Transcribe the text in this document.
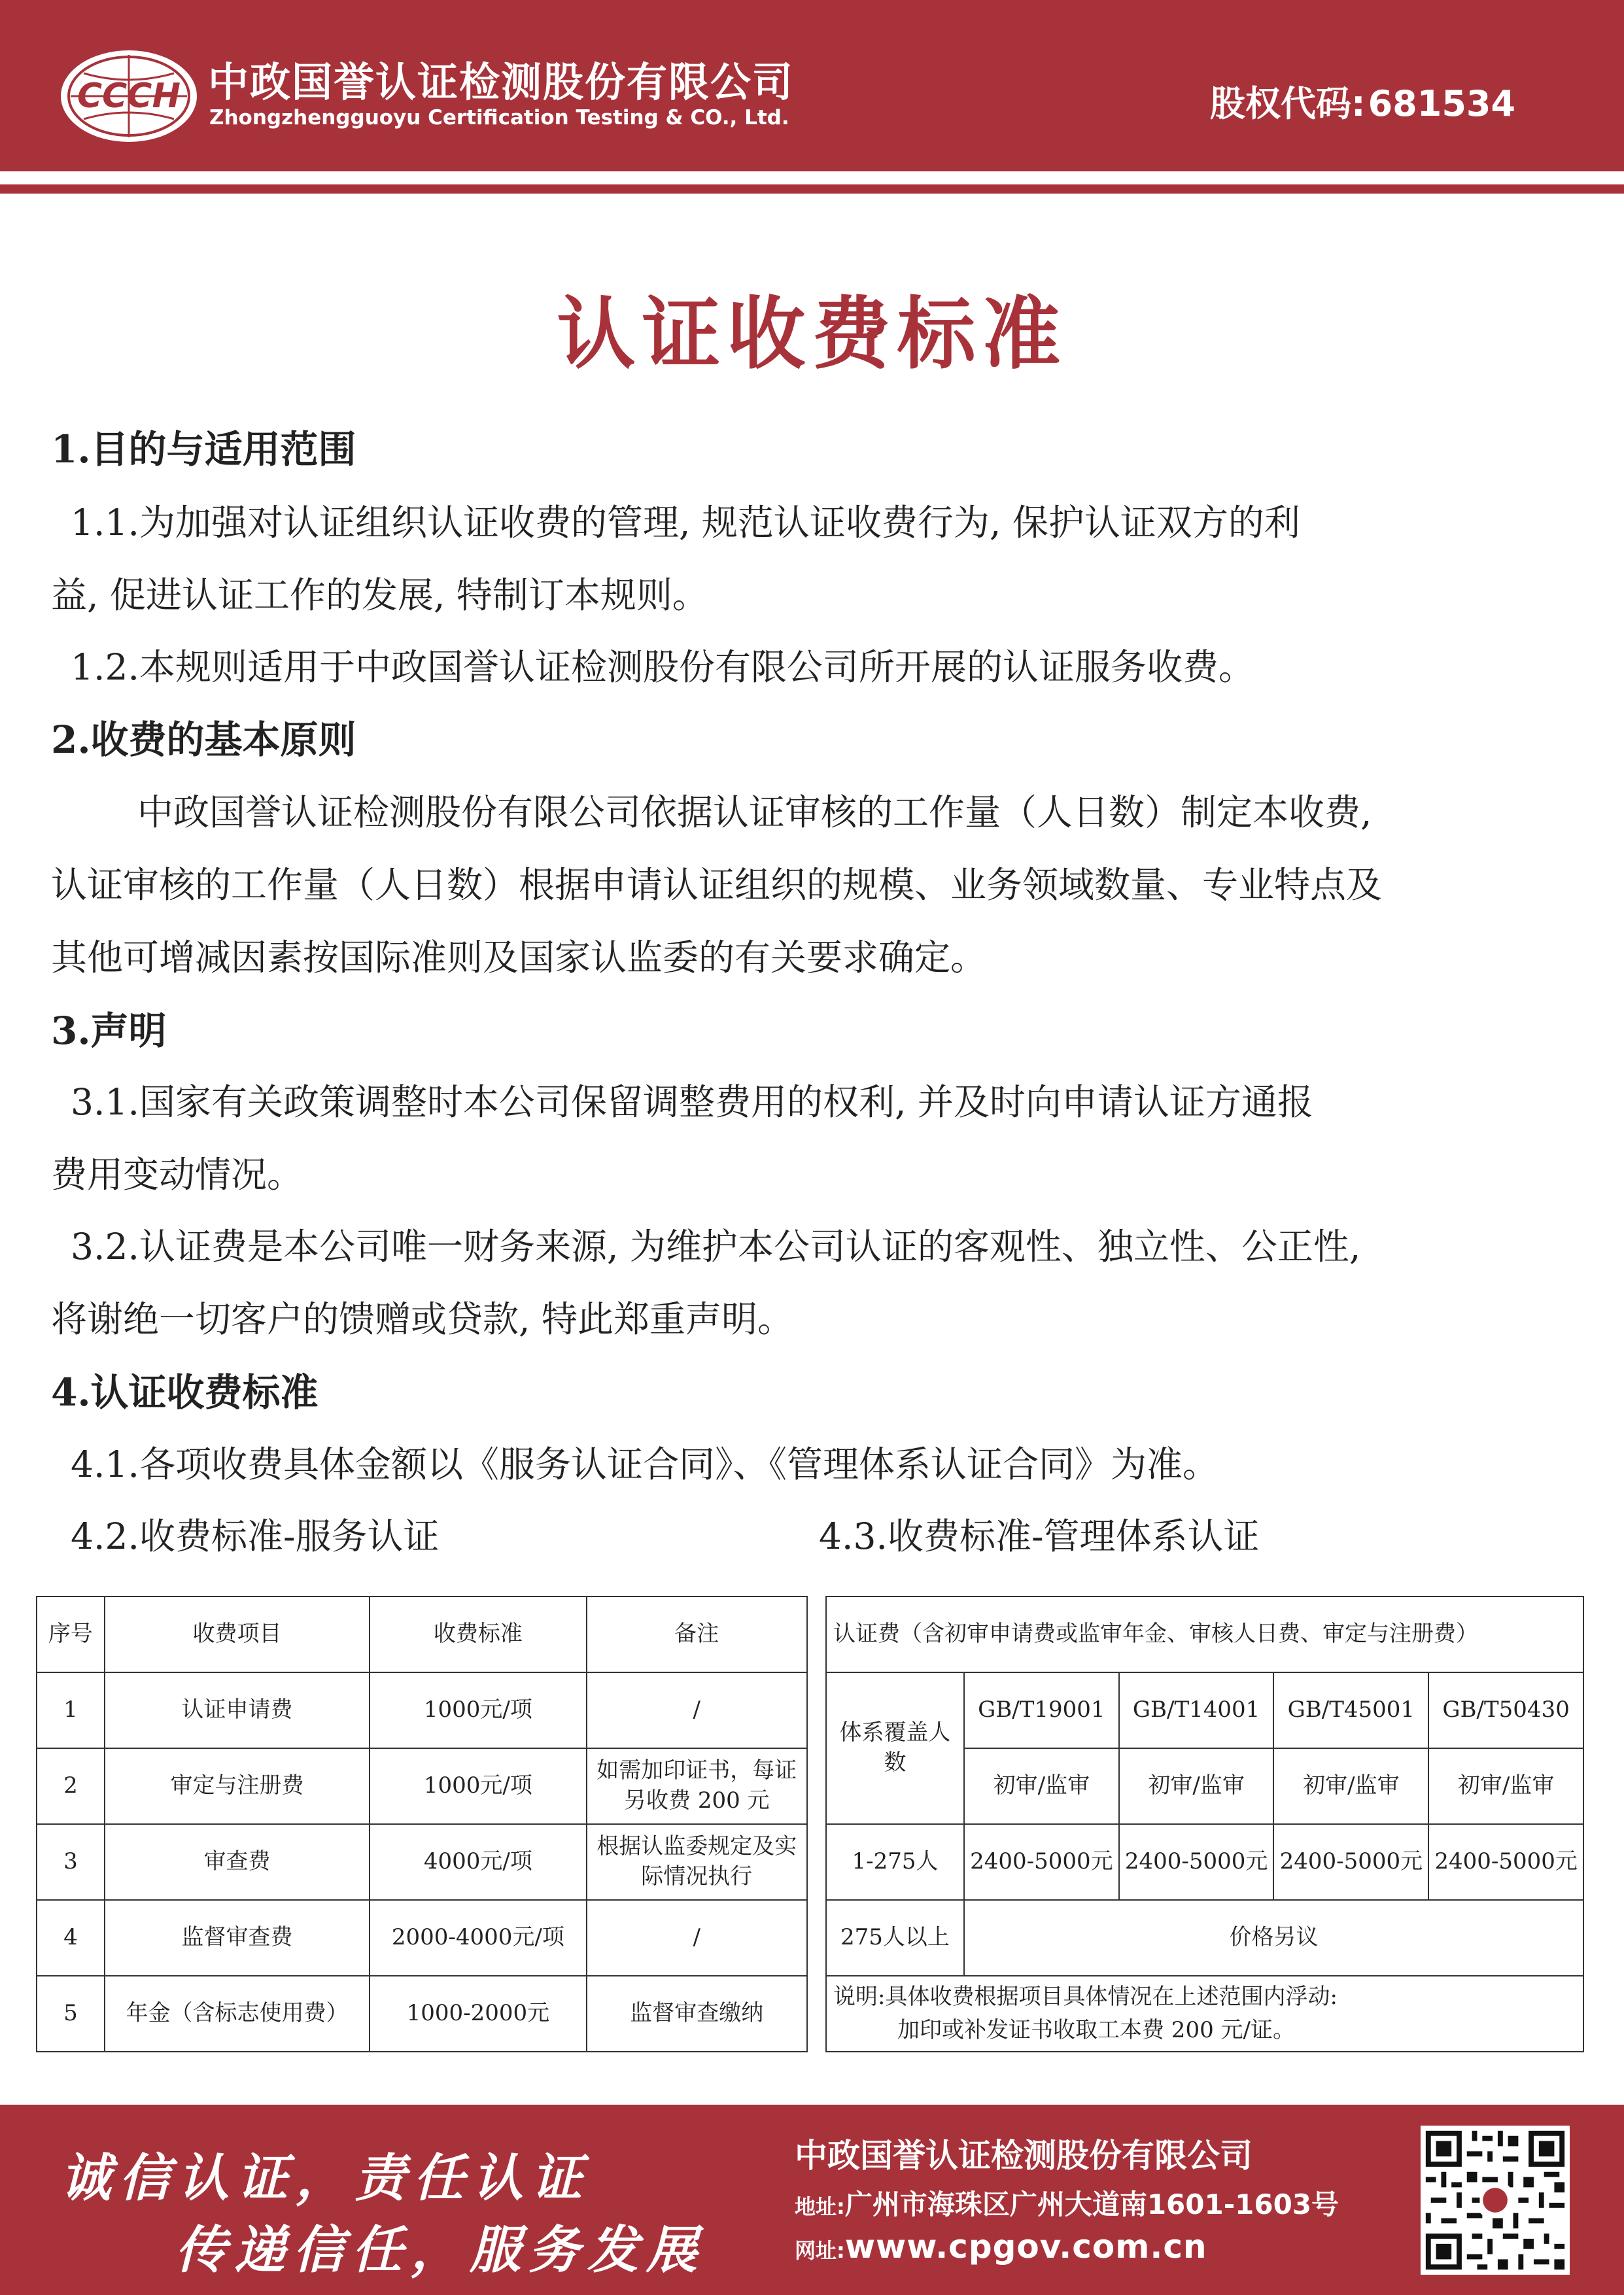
CCCH 中政国誉认证检测股份有限公司
Zhongzhengguoyu Certification Testing & CO., Ltd.	股权代码:681534
认证收费标准
1.目的与适用范围
1.1.为加强对认证组织认证收费的管理, 规范认证收费行为, 保护认证双方的利
益, 促进认证工作的发展, 特制订本规则。
1.2.本规则适用于中政国誉认证检测股份有限公司所开展的认证服务收费。
2.收费的基本原则
中政国誉认证检测股份有限公司依据认证审核的工作量（人日数）制定本收费,
认证审核的工作量（人日数）根据申请认证组织的规模、业务领域数量、专业特点及
其他可增减因素按国际准则及国家认监委的有关要求确定。
3.声明
3.1.国家有关政策调整时本公司保留调整费用的权利, 并及时向申请认证方通报
费用变动情况。
3.2.认证费是本公司唯一财务来源, 为维护本公司认证的客观性、独立性、公正性,
将谢绝一切客户的馈赠或贷款, 特此郑重声明。
4.认证收费标准
4.1.各项收费具体金额以《服务认证合同》、《管理体系认证合同》为准。
4.2.收费标准-服务认证	4.3.收费标准-管理体系认证
序号	收费项目	收费标准	备注
1	认证申请费	1000元/项	/
2	审定与注册费	1000元/项	如需加印证书，每证另收费 200 元
3	审查费	4000元/项	根据认监委规定及实际情况执行
4	监督审查费	2000-4000元/项	/
5	年金（含标志使用费）	1000-2000元	监督审查缴纳
认证费（含初审申请费或监审年金、审核人日费、审定与注册费）				
体系覆盖人数	GB/T19001	GB/T14001	GB/T45001	GB/T50430
	初审/监审	初审/监审	初审/监审	初审/监审
1-275人	2400-5000元	2400-5000元	2400-5000元	2400-5000元
275人以上	价格另议			

说明:具体收费根据项目具体情况在上述范围内浮动:
加印或补发证书收取工本费 200 元/证。				
诚信认证，责任认证
传递信任，服务发展
中政国誉认证检测股份有限公司
地址:广州市海珠区广州大道南1601-1603号
网址:www.cpgov.com.cn
